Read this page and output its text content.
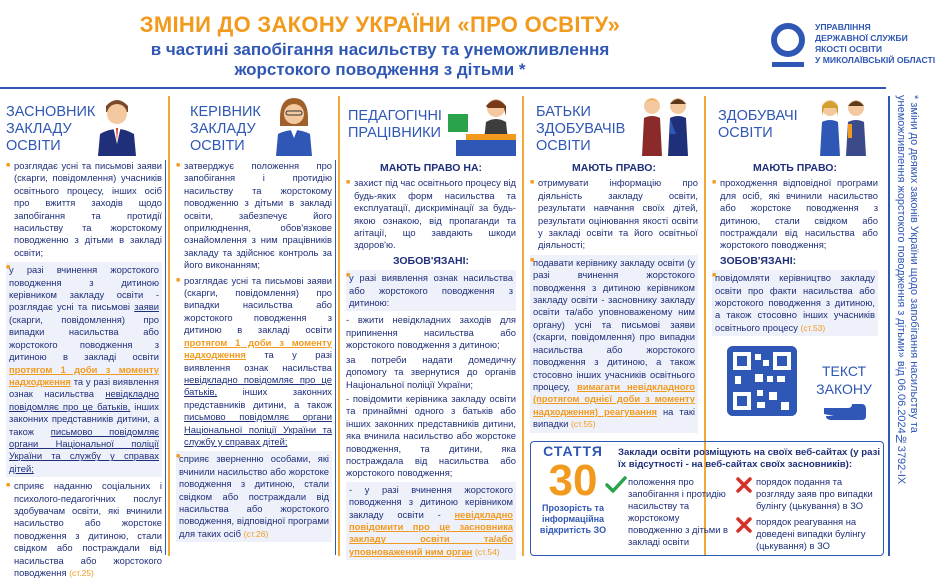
ЗМІНИ ДО ЗАКОНУ УКРАЇНИ «ПРО ОСВІТУ»
в частині запобігання насильству та унеможливлення
жорстокого поводження з дітьми *
УПРАВЛІННЯ
ДЕРЖАВНОЇ СЛУЖБИ
ЯКОСТІ ОСВІТИ
У МИКОЛАЇВСЬКІЙ ОБЛАСТІ
ЗАСНОВНИК
ЗАКЛАДУ
ОСВІТИ
■ розглядає усні та письмові заяви (скарги, повідомлення) учасників освітнього процесу, інших осіб про вжиття заходів щодо запобігання та протидії насильству та жорстокому поводженню з дітьми в закладі освіти;
■ у разі вчинення жорстокого поводження з дитиною керівником закладу освіти - розглядає усні та письмові заяви (скарги, повідомлення) про випадки насильства або жорстокого поводження з дитиною в закладі освіти протягом 1 доби з моменту надходження та у разі виявлення ознак насильства невідкладно повідомляє про це батьків, інших законних представників дитини, а також письмово повідомляє органи Національної поліції України та службу у справах дітей;
■ сприяє наданню соціальних і психолого-педагогічних послуг здобувачам освіти, які вчинили насильство або жорстоке поводження з дитиною, стали свідком або постраждали від насильства або жорстокого поводження (ст.25)
КЕРІВНИК
ЗАКЛАДУ
ОСВІТИ
■ затверджує положення про запобігання і протидію насильству та жорстокому поводженню з дітьми в закладі освіти, забезпечує його оприлюднення, обов'язкове ознайомлення з ним працівників закладу та здійснює контроль за його виконанням;
■ розглядає усні та письмові заяви (скарги, повідомлення) про випадки насильства або жорстокого поводження з дитиною в закладі освіти протягом 1 доби з моменту надходження та у разі виявлення ознак насильства невідкладно повідомляє про це батьків,	інших законних представників дитини, а також письмово повідомляє органи Національної поліції України та службу у справах дітей;
■ сприяє зверненню особами, які вчинили насильство або жорстоке поводження з дитиною, стали свідком або постраждали від насильства або жорстокого поводження, відповідної програми для таких осіб (ст.26)
ПЕДАГОГІЧНІ
ПРАЦІВНИКИ
МАЮТЬ ПРАВО НА:
■ захист під час освітнього процесу від будь-яких форм насильства та експлуатації, дискримінації за будь-якою ознакою, від пропаганди та агітації, що завдають шкоди здоров'ю.
ЗОБОВ'ЯЗАНІ:
■ у разі виявлення ознак насильства або жорстокого поводження з дитиною:
- вжити невідкладних заходів для припинення насильства або жорстокого поводження з дитиною;
за потреби надати домедичну допомогу та звернутися до органів Національної поліції України;
- повідомити керівника закладу освіти та принаймні одного з батьків або інших законних представників дитини, яка вчинила насильство або жорстоке поводження, та дитини, яка постраждала від насильства або жорстокого поводження;
- у разі вчинення жорстокого поводження з дитиною керівником закладу освіти - невідкладно повідомити про це засновника закладу освіти та/або уповноважений ним орган (ст.54)
БАТЬКИ
ЗДОБУВАЧІВ
ОСВІТИ
МАЮТЬ ПРАВО:
■ отримувати інформацію про діяльність закладу освіти, результати навчання своїх дітей, результати оцінювання якості освіти у закладі освіти та його освітньої діяльності;
■ подавати керівнику закладу освіти (у разі вчинення жорстокого поводження з дитиною керівником закладу освіти - засновнику закладу освіти та/або уповноваженому ним органу) усні та письмові заяви (скарги, повідомлення) про випадки насильства або жорстокого поводження з дитиною, а також стосовно інших учасників освітнього процесу, вимагати невідкладного (протягом однієї доби з моменту надходження) реагування на такі випадки (ст.55)
ЗДОБУВАЧІ
ОСВІТИ
МАЮТЬ ПРАВО:
■ проходження відповідної програми для осіб, які вчинили насильство або жорстоке поводження з дитиною, стали свідком або постраждали від насильства або жорстокого поводження;
ЗОБОВ'ЯЗАНІ:
■ повідомляти керівництво закладу освіти про факти насильства або жорстокого поводження з дитиною, а також стосовно інших учасників освітнього процесу (ст.53)
ТЕКСТ
ЗАКОНУ
СТАТТЯ
30
Прозорість та
інформаційна
відкритість ЗО
Заклади освіти розміщують на своїх веб-сайтах (у разі їх відсутності - на веб-сайтах своїх засновників):
положення про запобігання і протидію насильству та жорстокому поводженню з дітьми в закладі освіти
порядок подання та розгляду заяв про випадки булінгу (цькування) в ЗО
порядок реагування на доведені випадки булінгу (цькування) в ЗО
* зміни до деяких законів України щодо запобігання насильству та
унеможливлення жорстокого поводження з дітьми» від 06.06.2024№3792-IX
